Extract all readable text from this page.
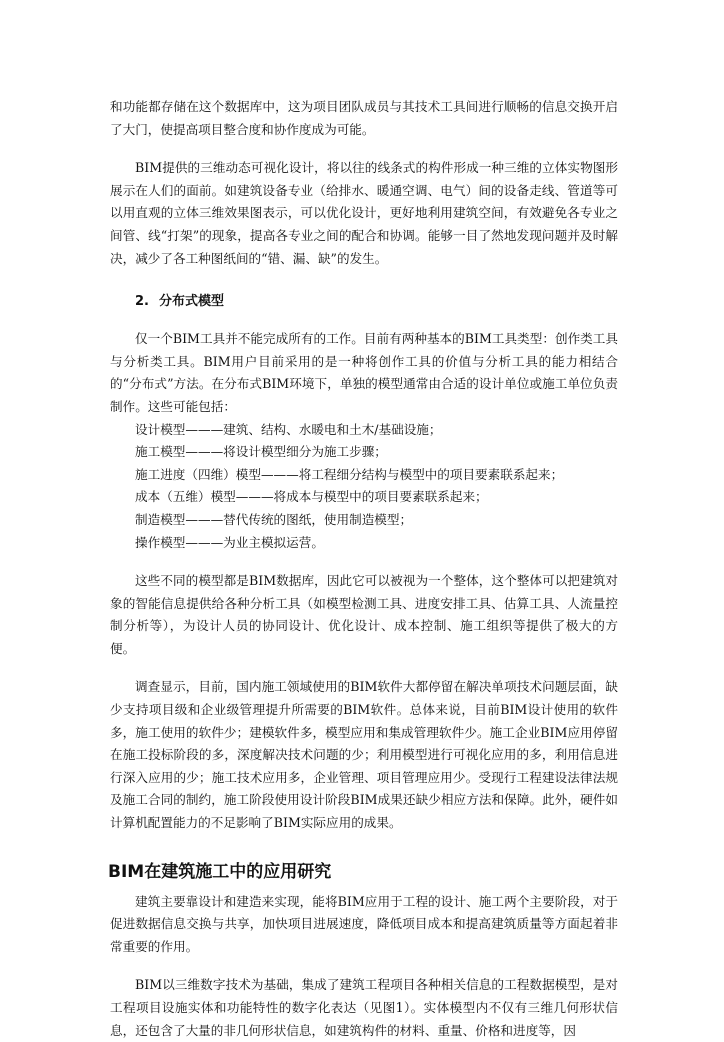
和功能都存储在这个数据库中，这为项目团队成员与其技术工具间进行顺畅的信息交换开启了大门，使提高项目整合度和协作度成为可能。

BIM提供的三维动态可视化设计，将以往的线条式的构件形成一种三维的立体实物图形展示在人们的面前。如建筑设备专业（给排水、暖通空调、电气）间的设备走线、管道等可以用直观的立体三维效果图表示，可以优化设计，更好地利用建筑空间，有效避免各专业之间管、线“打架”的现象，提高各专业之间的配合和协调。能够一目了然地发现问题并及时解决，减少了各工种图纸间的“错、漏、缺”的发生。

2. 分布式模型

仅一个BIM工具并不能完成所有的工作。目前有两种基本的BIM工具类型：创作类工具与分析类工具。BIM用户目前采用的是一种将创作工具的价值与分析工具的能力相结合的“分布式”方法。在分布式BIM环境下，单独的模型通常由合适的设计单位或施工单位负责制作。这些可能包括：

设计模型———建筑、结构、水暖电和土木/基础设施；
施工模型———将设计模型细分为施工步骤；
施工进度（四维）模型———将工程细分结构与模型中的项目要素联系起来；
成本（五维）模型———将成本与模型中的项目要素联系起来；
制造模型———替代传统的图纸，使用制造模型；
操作模型———为业主模拟运营。

这些不同的模型都是BIM数据库，因此它可以被视为一个整体，这个整体可以把建筑对象的智能信息提供给各种分析工具（如模型检测工具、进度安排工具、估算工具、人流量控制分析等），为设计人员的协同设计、优化设计、成本控制、施工组织等提供了极大的方便。

调查显示，目前，国内施工领域使用的BIM软件大都停留在解决单项技术问题层面，缺少支持项目级和企业级管理提升所需要的BIM软件。总体来说，目前BIM设计使用的软件多，施工使用的软件少；建模软件多，模型应用和集成管理软件少。施工企业BIM应用停留在施工投标阶段的多，深度解决技术问题的少；利用模型进行可视化应用的多，利用信息进行深入应用的少；施工技术应用多，企业管理、项目管理应用少。受现行工程建设法律法规及施工合同的制约，施工阶段使用设计阶段BIM成果还缺少相应方法和保障。此外，硬件如计算机配置能力的不足影响了BIM实际应用的成果。

BIM在建筑施工中的应用研究

建筑主要靠设计和建造来实现，能将BIM应用于工程的设计、施工两个主要阶段，对于促进数据信息交换与共享，加快项目进展速度，降低项目成本和提高建筑质量等方面起着非常重要的作用。

BIM以三维数字技术为基础，集成了建筑工程项目各种相关信息的工程数据模型，是对工程项目设施实体和功能特性的数字化表达（见图1）。实体模型内不仅有三维几何形状信息，还包含了大量的非几何形状信息，如建筑构件的材料、重量、价格和进度等，因
